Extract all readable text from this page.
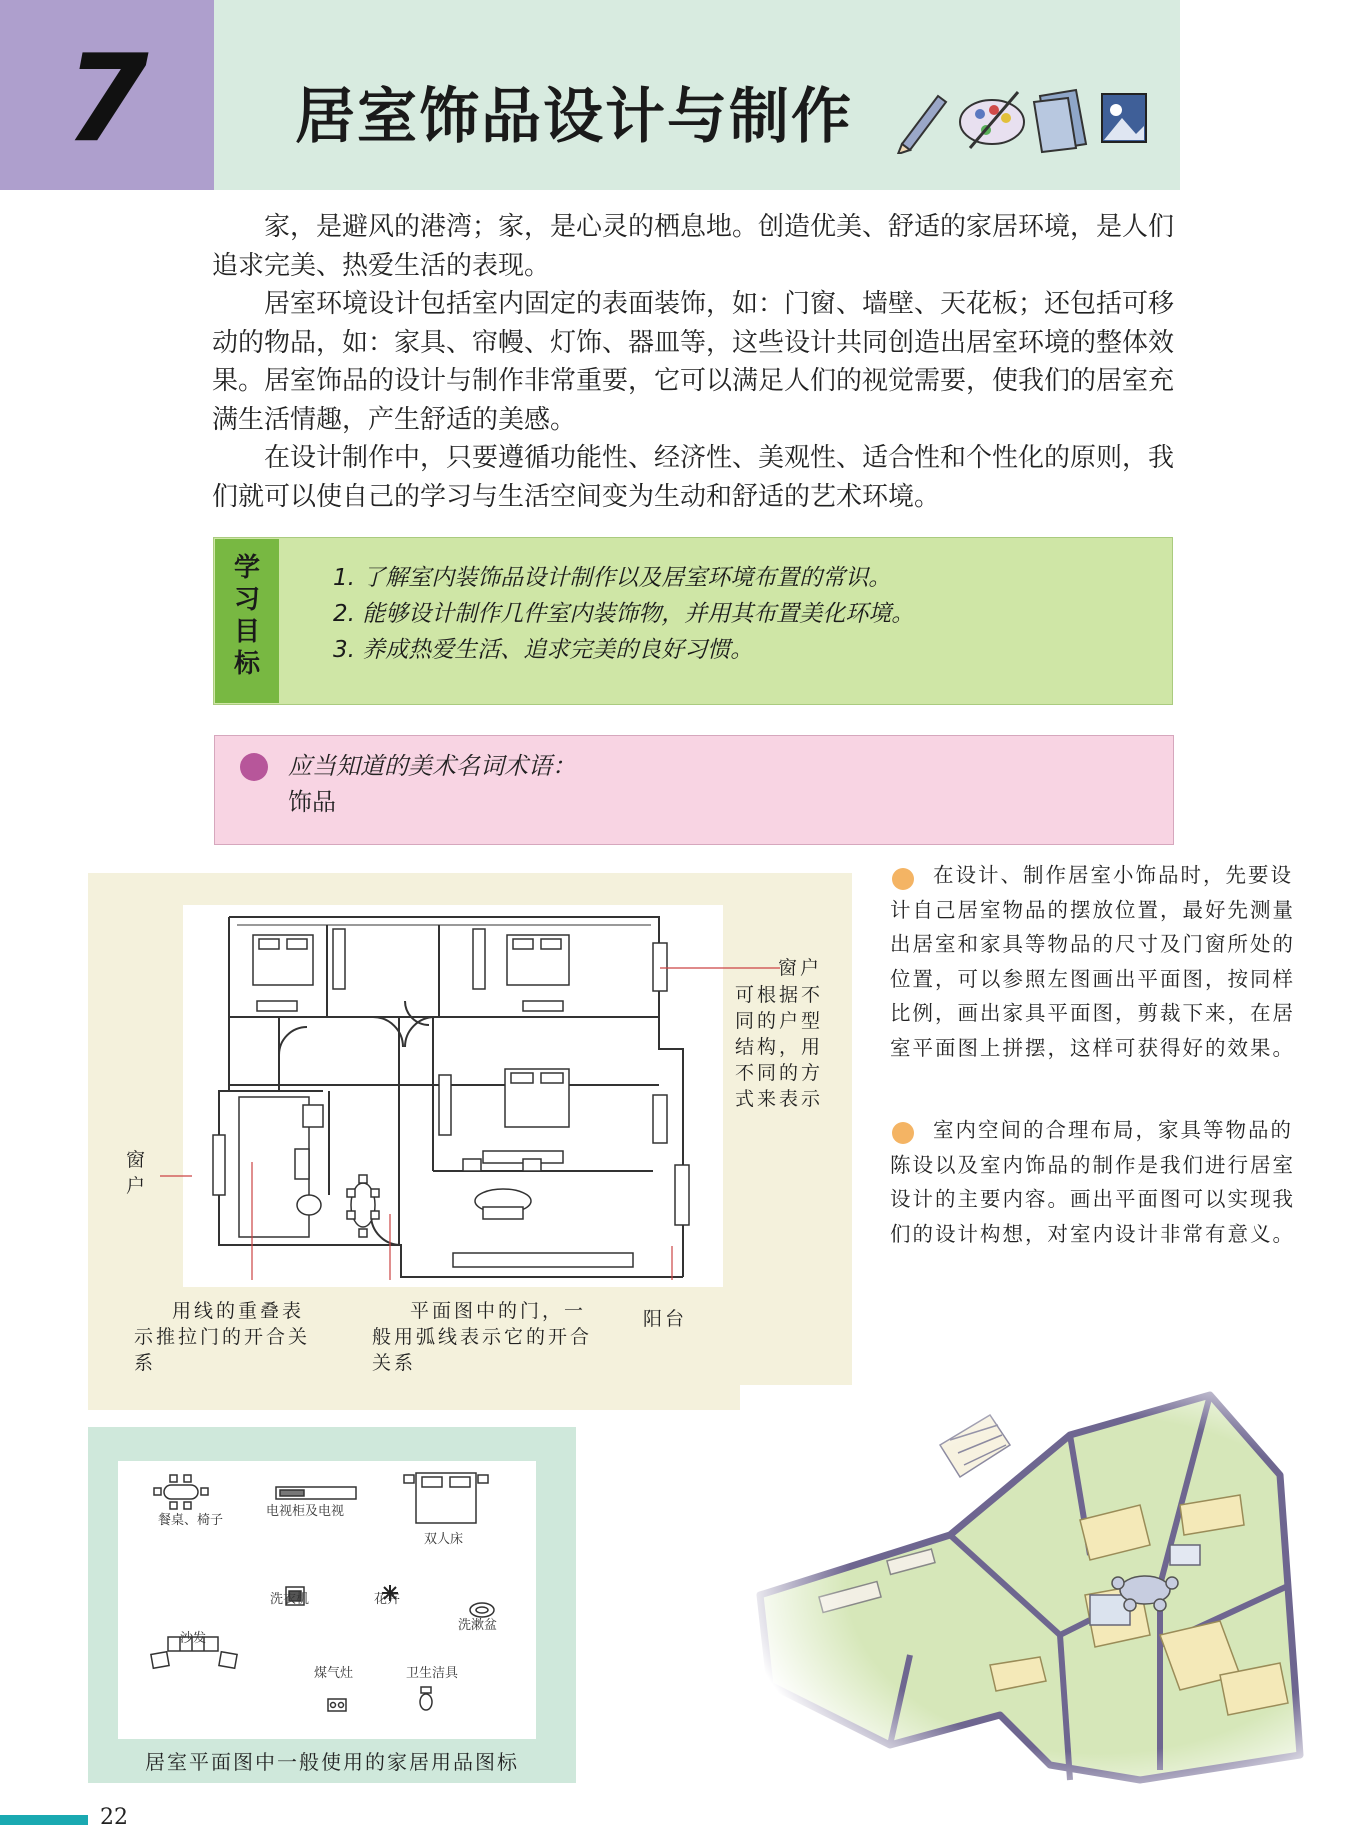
7	居室饰品设计与制作

家，是避风的港湾；家，是心灵的栖息地。创造优美、舒适的家居环境，是人们追求完美、热爱生活的表现。

居室环境设计包括室内固定的表面装饰，如：门窗、墙壁、天花板；还包括可移动的物品，如：家具、帘幔、灯饰、器皿等，这些设计共同创造出居室环境的整体效果。居室饰品的设计与制作非常重要，它可以满足人们的视觉需要，使我们的居室充满生活情趣，产生舒适的美感。

在设计制作中，只要遵循功能性、经济性、美观性、适合性和个性化的原则，我们就可以使自己的学习与生活空间变为生动和舒适的艺术环境。

学
习
目
标
1. 了解室内装饰品设计制作以及居室环境布置的常识。
2. 能够设计制作几件室内装饰物，并用其布置美化环境。
3. 养成热爱生活、追求完美的良好习惯。
应当知道的美术名词术语：
饰品
窗户
可根据不同的户型结构，用不同的方式来表示
窗户
用线的重叠表示推拉门的开合关系
平面图中的门，一般用弧线表示它的开合关系
阳台

在设计、制作居室小饰品时，先要设计自己居室物品的摆放位置，最好先测量出居室和家具等物品的尺寸及门窗所处的位置，可以参照左图画出平面图，按同样比例，画出家具平面图，剪裁下来，在居室平面图上拼摆，这样可获得好的效果。

室内空间的合理布局，家具等物品的陈设以及室内饰品的制作是我们进行居室设计的主要内容。画出平面图可以实现我们的设计构想，对室内设计非常有意义。

餐桌、椅子
电视柜及电视
双人床
洗衣机	花卉
洗漱盆
沙发
煤气灶	卫生洁具
居室平面图中一般使用的家居用品图标
22
